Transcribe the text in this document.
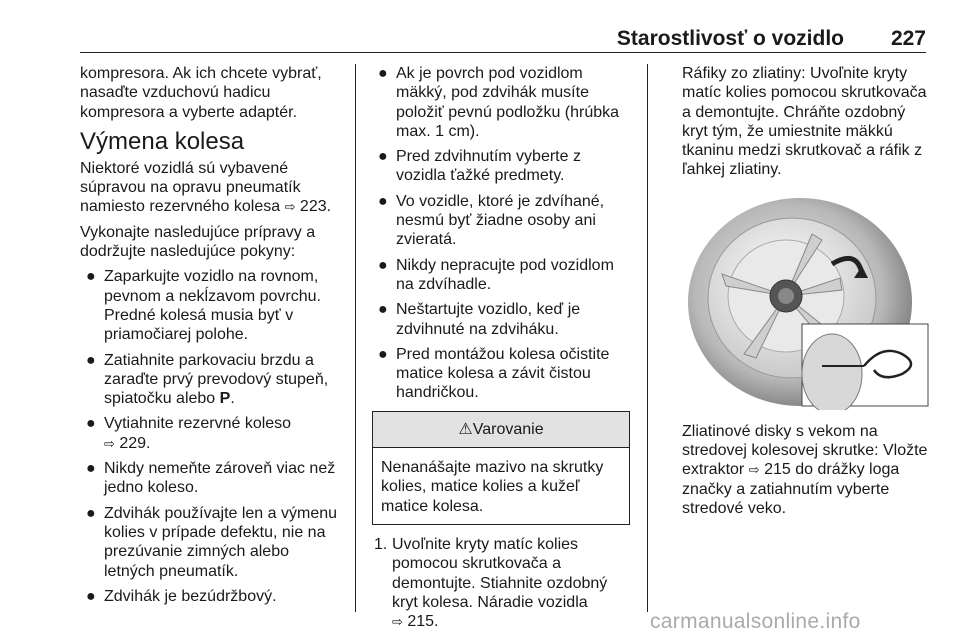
Starostlivosť o vozidlo 227

kompresora. Ak ich chcete vybrať, nasaďte vzduchovú hadicu kompresora a vyberte adaptér.

Výmena kolesa

Niektoré vozidlá sú vybavené súpravou na opravu pneumatík namiesto rezervného kolesa ⇨ 223.

Vykonajte nasledujúce prípravy a dodržujte nasledujúce pokyny:

● Zaparkujte vozidlo na rovnom, pevnom a nekĺzavom povrchu. Predné kolesá musia byť v priamočiarej polohe.
● Zatiahnite parkovaciu brzdu a zaraďte prvý prevodový stupeň, spiatočku alebo P.
● Vytiahnite rezervné koleso
⇨ 229.
● Nikdy nemeňte zároveň viac než jedno koleso.
● Zdvihák používajte len a výmenu kolies v prípade defektu, nie na prezúvanie zimných alebo letných pneumatík.
● Zdvihák je bezúdržbový.
● Ak je povrch pod vozidlom mäkký, pod zdvihák musíte položiť pevnú podložku (hrúbka max. 1 cm).
● Pred zdvihnutím vyberte z vozidla ťažké predmety.
● Vo vozidle, ktoré je zdvíhané, nesmú byť žiadne osoby ani zvieratá.
● Nikdy nepracujte pod vozidlom na zdvíhadle.
● Neštartujte vozidlo, keď je zdvihnuté na zdviháku.
● Pred montážou kolesa očistite matice kolesa a závit čistou handričkou.
⚠Varovanie
Nenanášajte mazivo na skrutky kolies, matice kolies a kužeľ matice kolesa.
1. Uvoľnite kryty matíc kolies pomocou skrutkovača a demontujte. Stiahnite ozdobný kryt kolesa. Náradie vozidla
⇨ 215.

Ráfiky zo zliatiny: Uvoľnite kryty matíc kolies pomocou skrutkovača a demontujte. Chráňte ozdobný kryt tým, že umiestnite mäkkú tkaninu medzi skrutkovač a ráfik z ľahkej zliatiny.

Zliatinové disky s vekom na stredovej kolesovej skrutke: Vložte extraktor ⇨ 215 do drážky loga značky a zatiahnutím vyberte stredové veko.

carmanualsonline.info
